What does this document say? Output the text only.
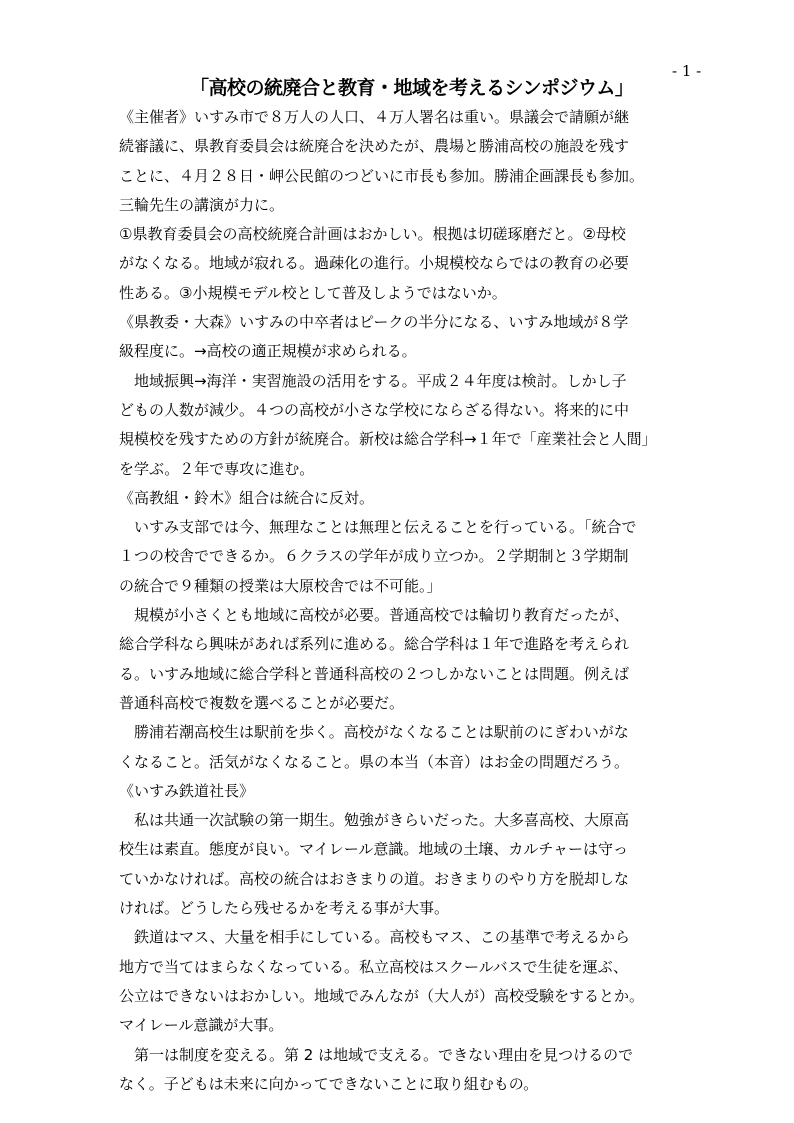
- 1 -
「高校の統廃合と教育・地域を考えるシンポジウム」
《主催者》いすみ市で８万人の人口、４万人署名は重い。県議会で請願が継
続審議に、県教育委員会は統廃合を決めたが、農場と勝浦高校の施設を残す
ことに、４月２８日・岬公民館のつどいに市長も参加。勝浦企画課長も参加。
三輪先生の講演が力に。
①県教育委員会の高校統廃合計画はおかしい。根拠は切磋琢磨だと。②母校
がなくなる。地域が寂れる。過疎化の進行。小規模校ならではの教育の必要
性ある。③小規模モデル校として普及しようではないか。
《県教委・大森》いすみの中卒者はピークの半分になる、いすみ地域が８学
級程度に。→高校の適正規模が求められる。
地域振興→海洋・実習施設の活用をする。平成２４年度は検討。しかし子
どもの人数が減少。４つの高校が小さな学校にならざる得ない。将来的に中
規模校を残すための方針が統廃合。新校は総合学科→１年で「産業社会と人間」
を学ぶ。２年で専攻に進む。
《高教組・鈴木》組合は統合に反対。
いすみ支部では今、無理なことは無理と伝えることを行っている。「統合で
１つの校舎でできるか。６クラスの学年が成り立つか。２学期制と３学期制
の統合で９種類の授業は大原校舎では不可能。」
規模が小さくとも地域に高校が必要。普通高校では輪切り教育だったが、
総合学科なら興味があれば系列に進める。総合学科は１年で進路を考えられ
る。いすみ地域に総合学科と普通科高校の２つしかないことは問題。例えば
普通科高校で複数を選べることが必要だ。
勝浦若潮高校生は駅前を歩く。高校がなくなることは駅前のにぎわいがな
くなること。活気がなくなること。県の本当（本音）はお金の問題だろう。
《いすみ鉄道社長》
私は共通一次試験の第一期生。勉強がきらいだった。大多喜高校、大原高
校生は素直。態度が良い。マイレール意識。地域の土壌、カルチャーは守っ
ていかなければ。高校の統合はおきまりの道。おきまりのやり方を脱却しな
ければ。どうしたら残せるかを考える事が大事。
鉄道はマス、大量を相手にしている。高校もマス、この基準で考えるから
地方で当てはまらなくなっている。私立高校はスクールバスで生徒を運ぶ、
公立はできないはおかしい。地域でみんなが（大人が）高校受験をするとか。
マイレール意識が大事。
第一は制度を変える。第 2 は地域で支える。できない理由を見つけるので
なく。子どもは未来に向かってできないことに取り組むもの。
